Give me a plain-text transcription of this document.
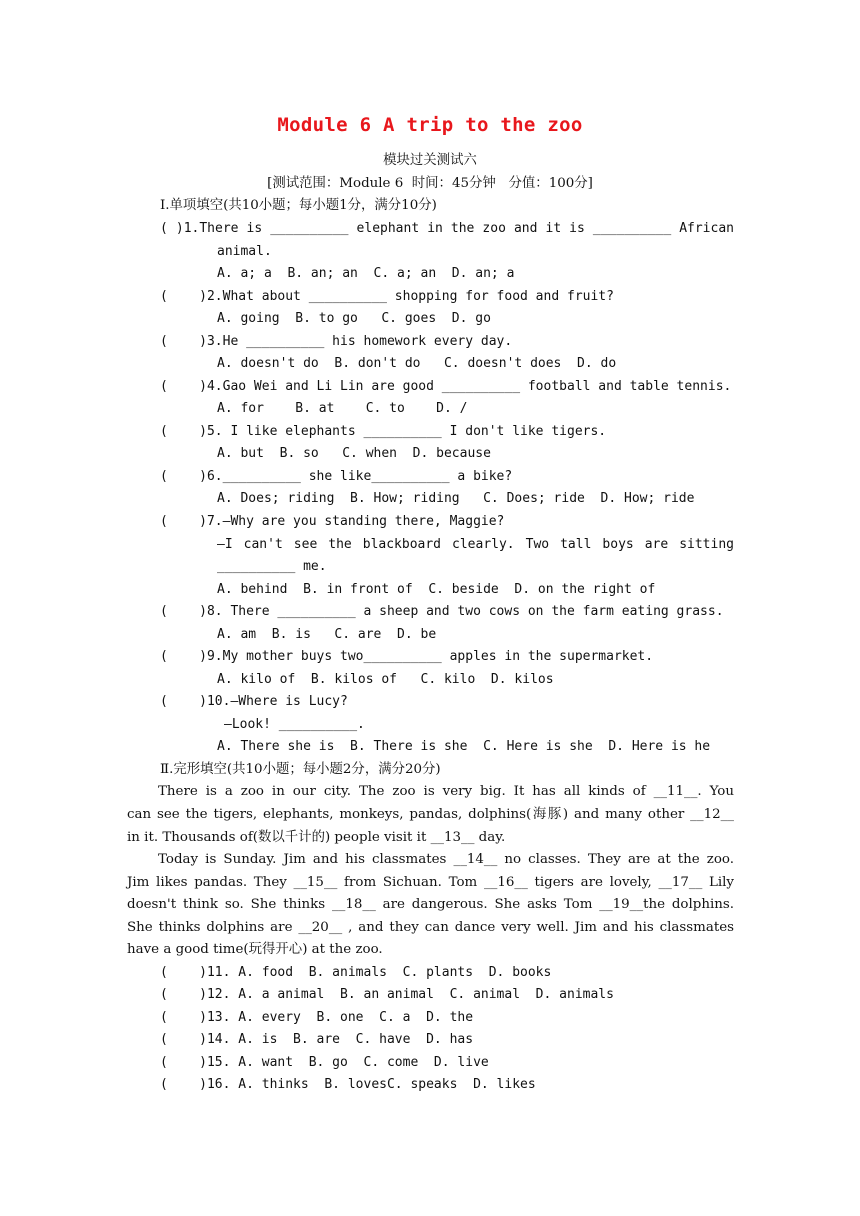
Module 6 A trip to the zoo
模块过关测试六
[测试范围：Module 6  时间：45分钟   分值：100分]
Ⅰ.单项填空(共10小题；每小题1分，满分10分)
( )1.There is __________ elephant in the zoo and it is __________ African
animal.
A. a; a  B. an; an  C. a; an  D. an; a
(    )2.What about __________ shopping for food and fruit?
A. going  B. to go   C. goes  D. go
(    )3.He __________ his homework every day.
A. doesn't do  B. don't do   C. doesn't does  D. do
(    )4.Gao Wei and Li Lin are good __________ football and table tennis.
A. for    B. at    C. to    D. /
(    )5. I like elephants __________ I don't like tigers.
A. but  B. so   C. when  D. because
(    )6.__________ she like__________ a bike?
A. Does; riding  B. How; riding   C. Does; ride  D. How; ride
(    )7.—Why are you standing there, Maggie?
—I can't see the blackboard clearly. Two tall boys are sitting
__________ me.
A. behind  B. in front of  C. beside  D. on the right of
(    )8. There __________ a sheep and two cows on the farm eating grass.
A. am  B. is   C. are  D. be
(    )9.My mother buys two__________ apples in the supermarket.
A. kilo of  B. kilos of   C. kilo  D. kilos
(    )10.—Where is Lucy?
—Look! __________.
A. There she is  B. There is she  C. Here is she  D. Here is he
Ⅱ.完形填空(共10小题；每小题2分，满分20分)
There is a zoo in our city. The zoo is very big. It has all kinds of __11__. You
can see the tigers, elephants, monkeys, pandas, dolphins(海豚) and many other __12__
in it. Thousands of(数以千计的) people visit it __13__ day.
Today is Sunday. Jim and his classmates __14__ no classes. They are at the zoo.
Jim likes pandas. They __15__ from Sichuan. Tom __16__ tigers are lovely, __17__ Lily
doesn't think so. She thinks __18__ are dangerous. She asks Tom __19__the dolphins.
She thinks dolphins are __20__ , and they can dance very well. Jim and his classmates
have a good time(玩得开心) at the zoo.
(    )11. A. food  B. animals  C. plants  D. books
(    )12. A. a animal  B. an animal  C. animal  D. animals
(    )13. A. every  B. one  C. a  D. the
(    )14. A. is  B. are  C. have  D. has
(    )15. A. want  B. go  C. come  D. live
(    )16. A. thinks  B. lovesC. speaks  D. likes
